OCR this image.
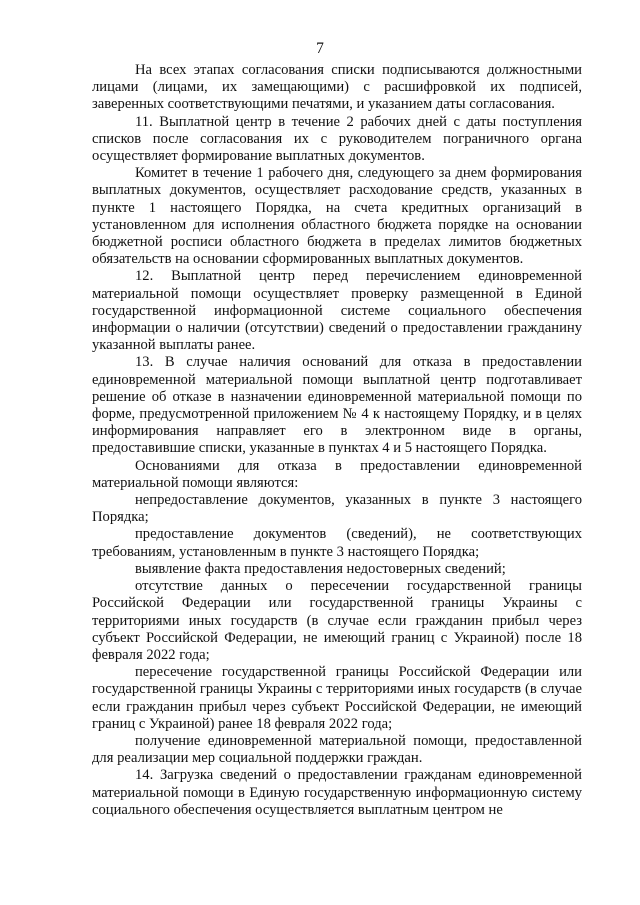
7

На всех этапах согласования списки подписываются должностными лицами (лицами, их замещающими) с расшифровкой их подписей, заверенных соответствующими печатями, и указанием даты согласования.

11. Выплатной центр в течение 2 рабочих дней с даты поступления списков после согласования их с руководителем пограничного органа осуществляет формирование выплатных документов.

Комитет в течение 1 рабочего дня, следующего за днем формирования выплатных документов, осуществляет расходование средств, указанных в пункте 1 настоящего Порядка, на счета кредитных организаций в установленном для исполнения областного бюджета порядке на основании бюджетной росписи областного бюджета в пределах лимитов бюджетных обязательств на основании сформированных выплатных документов.

12. Выплатной центр перед перечислением единовременной материальной помощи осуществляет проверку размещенной в Единой государственной информационной системе социального обеспечения информации о наличии (отсутствии) сведений о предоставлении гражданину указанной выплаты ранее.

13. В случае наличия оснований для отказа в предоставлении единовременной материальной помощи выплатной центр подготавливает решение об отказе в назначении единовременной материальной помощи по форме, предусмотренной приложением № 4 к настоящему Порядку, и в целях информирования направляет его в электронном виде в органы, предоставившие списки, указанные в пунктах 4 и 5 настоящего Порядка.

Основаниями для отказа в предоставлении единовременной материальной помощи являются:

непредоставление документов, указанных в пункте 3 настоящего Порядка;

предоставление документов (сведений), не соответствующих требованиям, установленным в пункте 3 настоящего Порядка;

выявление факта предоставления недостоверных сведений;

отсутствие данных о пересечении государственной границы Российской Федерации или государственной границы Украины с территориями иных государств (в случае если гражданин прибыл через субъект Российской Федерации, не имеющий границ с Украиной) после 18 февраля 2022 года;

пересечение государственной границы Российской Федерации или государственной границы Украины с территориями иных государств (в случае если гражданин прибыл через субъект Российской Федерации, не имеющий границ с Украиной) ранее 18 февраля 2022 года;

получение единовременной материальной помощи, предоставленной для реализации мер социальной поддержки граждан.

14. Загрузка сведений о предоставлении гражданам единовременной материальной помощи в Единую государственную информационную систему социального обеспечения осуществляется выплатным центром не
